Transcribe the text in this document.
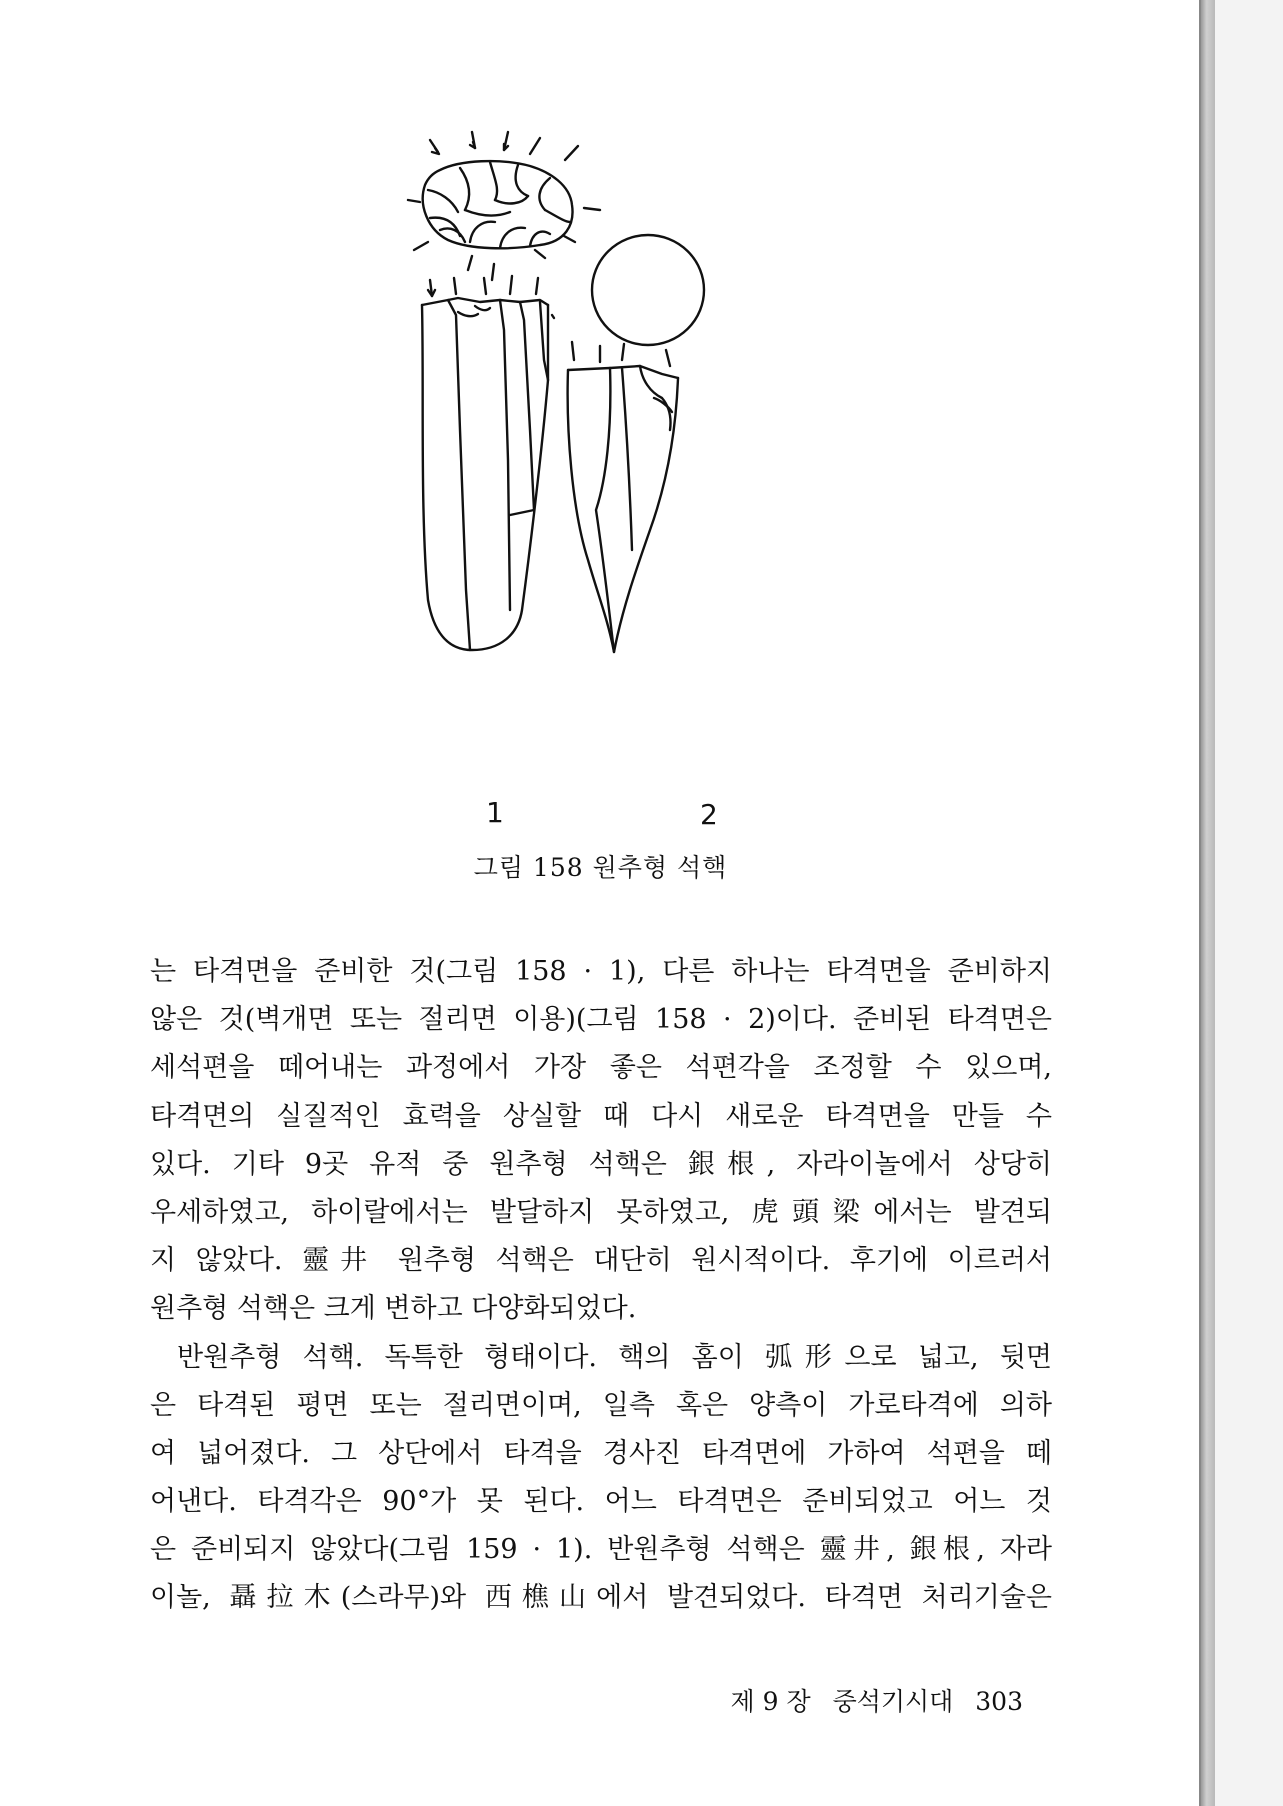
1	2
그림 158 원추형 석핵
는 타격면을 준비한 것(그림 158 · 1), 다른 하나는 타격면을 준비하지
않은 것(벽개면 또는 절리면 이용)(그림 158 · 2)이다. 준비된 타격면은
세석편을 떼어내는 과정에서 가장 좋은 석편각을 조정할 수 있으며,
타격면의 실질적인 효력을 상실할 때 다시 새로운 타격면을 만들 수
있다. 기타 9곳 유적 중 원추형 석핵은 銀根, 자라이놀에서 상당히
우세하였고, 하이랄에서는 발달하지 못하였고, 虎頭梁에서는 발견되
지 않았다. 靈井 원추형 석핵은 대단히 원시적이다. 후기에 이르러서
원추형 석핵은 크게 변하고 다양화되었다.
반원추형 석핵. 독특한 형태이다. 핵의 홈이 弧形으로 넓고, 뒷면
은 타격된 평면 또는 절리면이며, 일측 혹은 양측이 가로타격에 의하
여 넓어졌다. 그 상단에서 타격을 경사진 타격면에 가하여 석편을 떼
어낸다. 타격각은 90°가 못 된다. 어느 타격면은 준비되었고 어느 것
은 준비되지 않았다(그림 159 · 1). 반원추형 석핵은 靈井, 銀根, 자라
이놀, 聶拉木(스라무)와 西樵山에서 발견되었다. 타격면 처리기술은
제 9 장 중석기시대 303
